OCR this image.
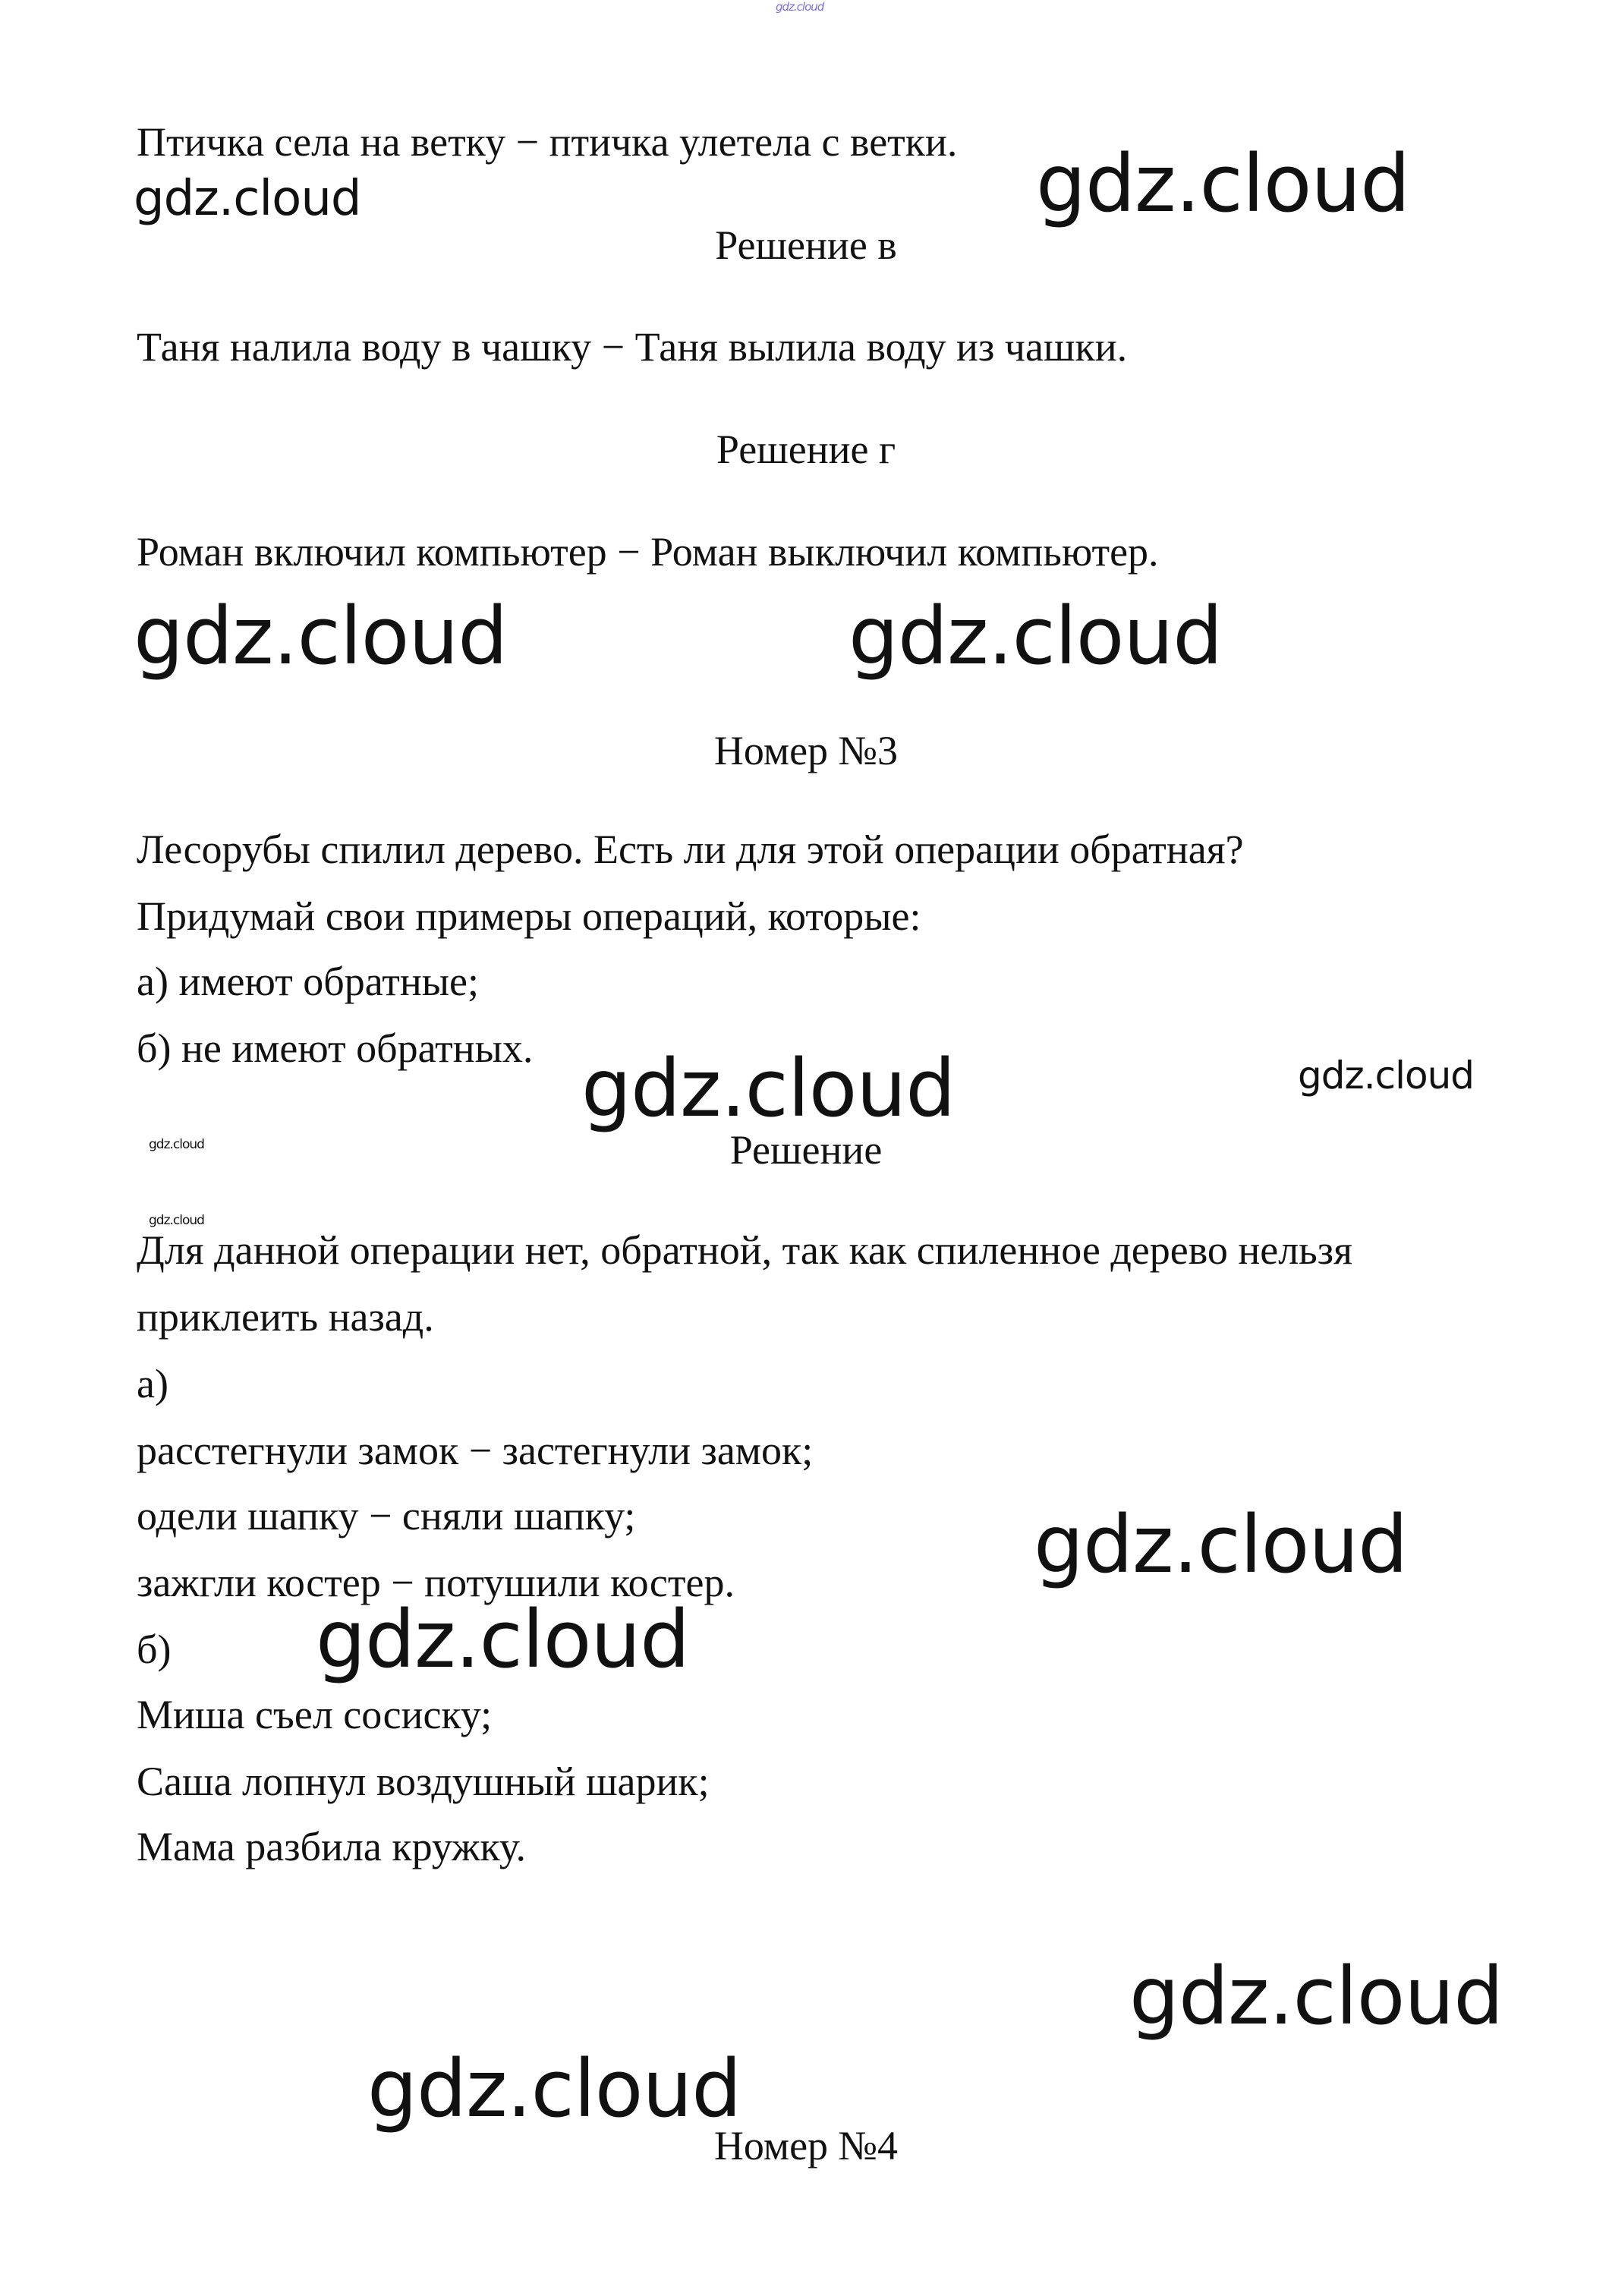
gdz.cloud
Птичка села на ветку − птичка улетела с ветки.
gdz.cloud	gdz.cloud
Решение в
Таня налила воду в чашку − Таня вылила воду из чашки.
Решение г
Роман включил компьютер − Роман выключил компьютер.
gdz.cloud	gdz.cloud
Номер №3
Лесорубы спилил дерево. Есть ли для этой операции обратная?
Придумай свои примеры операций, которые:
а) имеют обратные;
б) не имеют обратных. gdz.cloud	gdz.cloud
gdz.cloud	Решение
gdz.cloud
Для данной операции нет, обратной, так как спиленное дерево нельзя
приклеить назад.
а)
расстегнули замок − застегнули замок;
одели шапку − сняли шапку;	gdz.cloud
зажгли костер − потушили костер.
б) gdz.cloud
Миша съел сосиску;
Саша лопнул воздушный шарик;
Мама разбила кружку.
gdz.cloud
gdz.cloud
Номер №4
